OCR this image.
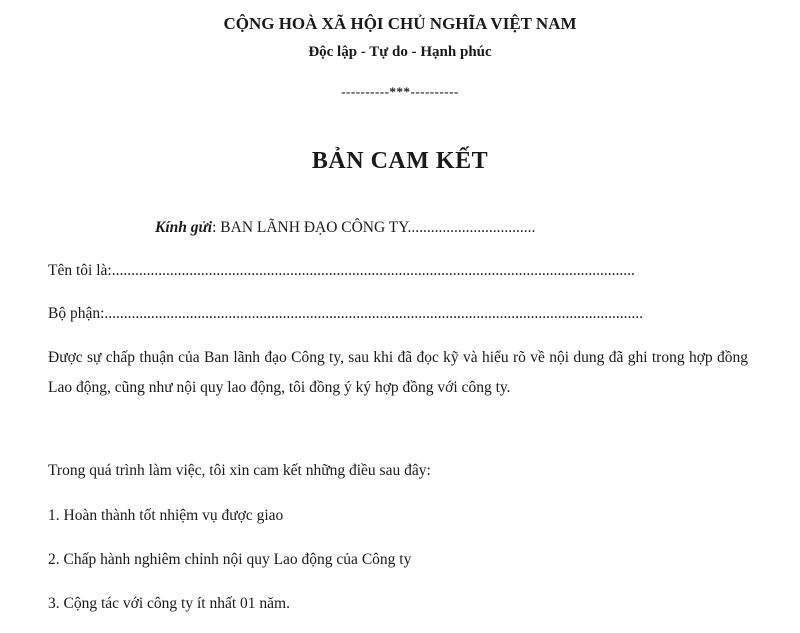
CỘNG HOÀ XÃ HỘI CHỦ NGHĨA VIỆT NAM
Độc lập - Tự do - Hạnh phúc
----------***----------
BẢN CAM KẾT
Kính gửi: BAN LÃNH ĐẠO CÔNG TY.................................
Tên tôi là:.......................................................................................................................................
Bộ phận:...........................................................................................................................................
Được sự chấp thuận của Ban lãnh đạo Công ty, sau khi đã đọc kỹ và hiểu rõ về nội dung đã ghi trong hợp đồng Lao động, cũng như nội quy lao động, tôi đồng ý ký hợp đồng với công ty.
Trong quá trình làm việc, tôi xin cam kết những điều sau đây:
1. Hoàn thành tốt nhiệm vụ được giao
2. Chấp hành nghiêm chỉnh nội quy Lao động của Công ty
3. Cộng tác với công ty ít nhất 01 năm.
